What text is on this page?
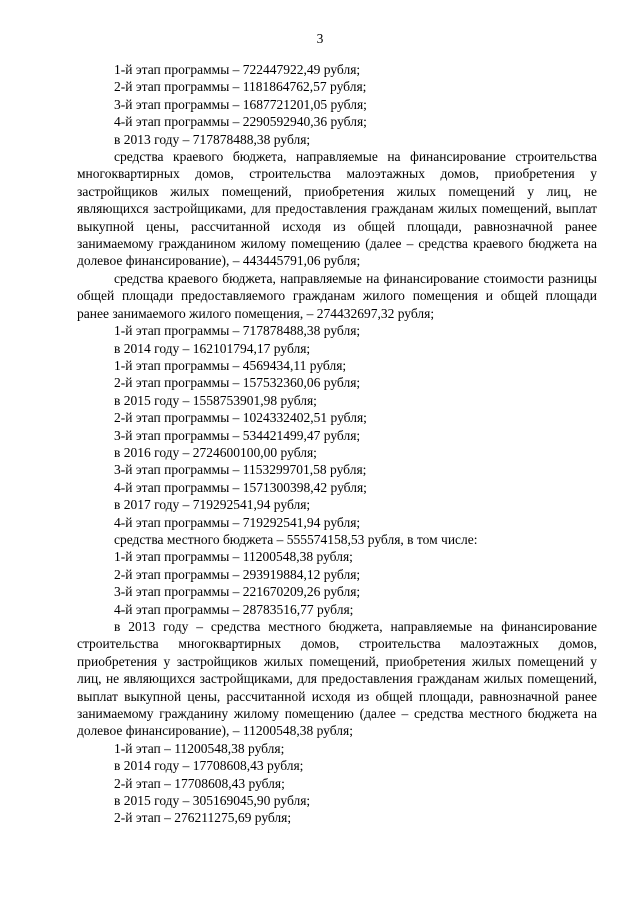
3

1-й этап программы – 722447922,49 рубля;

2-й этап программы – 1181864762,57 рубля;

3-й этап программы – 1687721201,05 рубля;

4-й этап программы – 2290592940,36 рубля;

в 2013 году – 717878488,38 рубля;

средства краевого бюджета, направляемые на финансирование строительства многоквартирных домов, строительства малоэтажных домов, приобретения у застройщиков жилых помещений, приобретения жилых помещений у лиц, не являющихся застройщиками, для предоставления гражданам жилых помещений, выплат выкупной цены, рассчитанной исходя из общей площади, равнозначной ранее занимаемому гражданином жилому помещению (далее – средства краевого бюджета на долевое финансирование), – 443445791,06 рубля;

средства краевого бюджета, направляемые на финансирование стоимости разницы общей площади предоставляемого гражданам жилого помещения и общей площади ранее занимаемого жилого помещения, – 274432697,32 рубля;

1-й этап программы – 717878488,38 рубля;

в 2014 году – 162101794,17 рубля;

1-й этап программы – 4569434,11 рубля;

2-й этап программы – 157532360,06 рубля;

в 2015 году – 1558753901,98 рубля;

2-й этап программы – 1024332402,51 рубля;

3-й этап программы – 534421499,47 рубля;

в 2016 году – 2724600100,00 рубля;

3-й этап программы – 1153299701,58 рубля;

4-й этап программы – 1571300398,42 рубля;

в 2017 году – 719292541,94 рубля;

4-й этап программы – 719292541,94 рубля;

средства местного бюджета – 555574158,53 рубля, в том числе:

1-й этап программы – 11200548,38 рубля;

2-й этап программы – 293919884,12 рубля;

3-й этап программы – 221670209,26 рубля;

4-й этап программы – 28783516,77 рубля;

в 2013 году – средства местного бюджета, направляемые на финансирование строительства многоквартирных домов, строительства малоэтажных домов, приобретения у застройщиков жилых помещений, приобретения жилых помещений у лиц, не являющихся застройщиками, для предоставления гражданам жилых помещений, выплат выкупной цены, рассчитанной исходя из общей площади, равнозначной ранее занимаемому гражданину жилому помещению (далее – средства местного бюджета на долевое финансирование), – 11200548,38 рубля;

1-й этап – 11200548,38 рубля;

в 2014 году – 17708608,43 рубля;

2-й этап – 17708608,43 рубля;

в 2015 году – 305169045,90 рубля;

2-й этап – 276211275,69 рубля;
